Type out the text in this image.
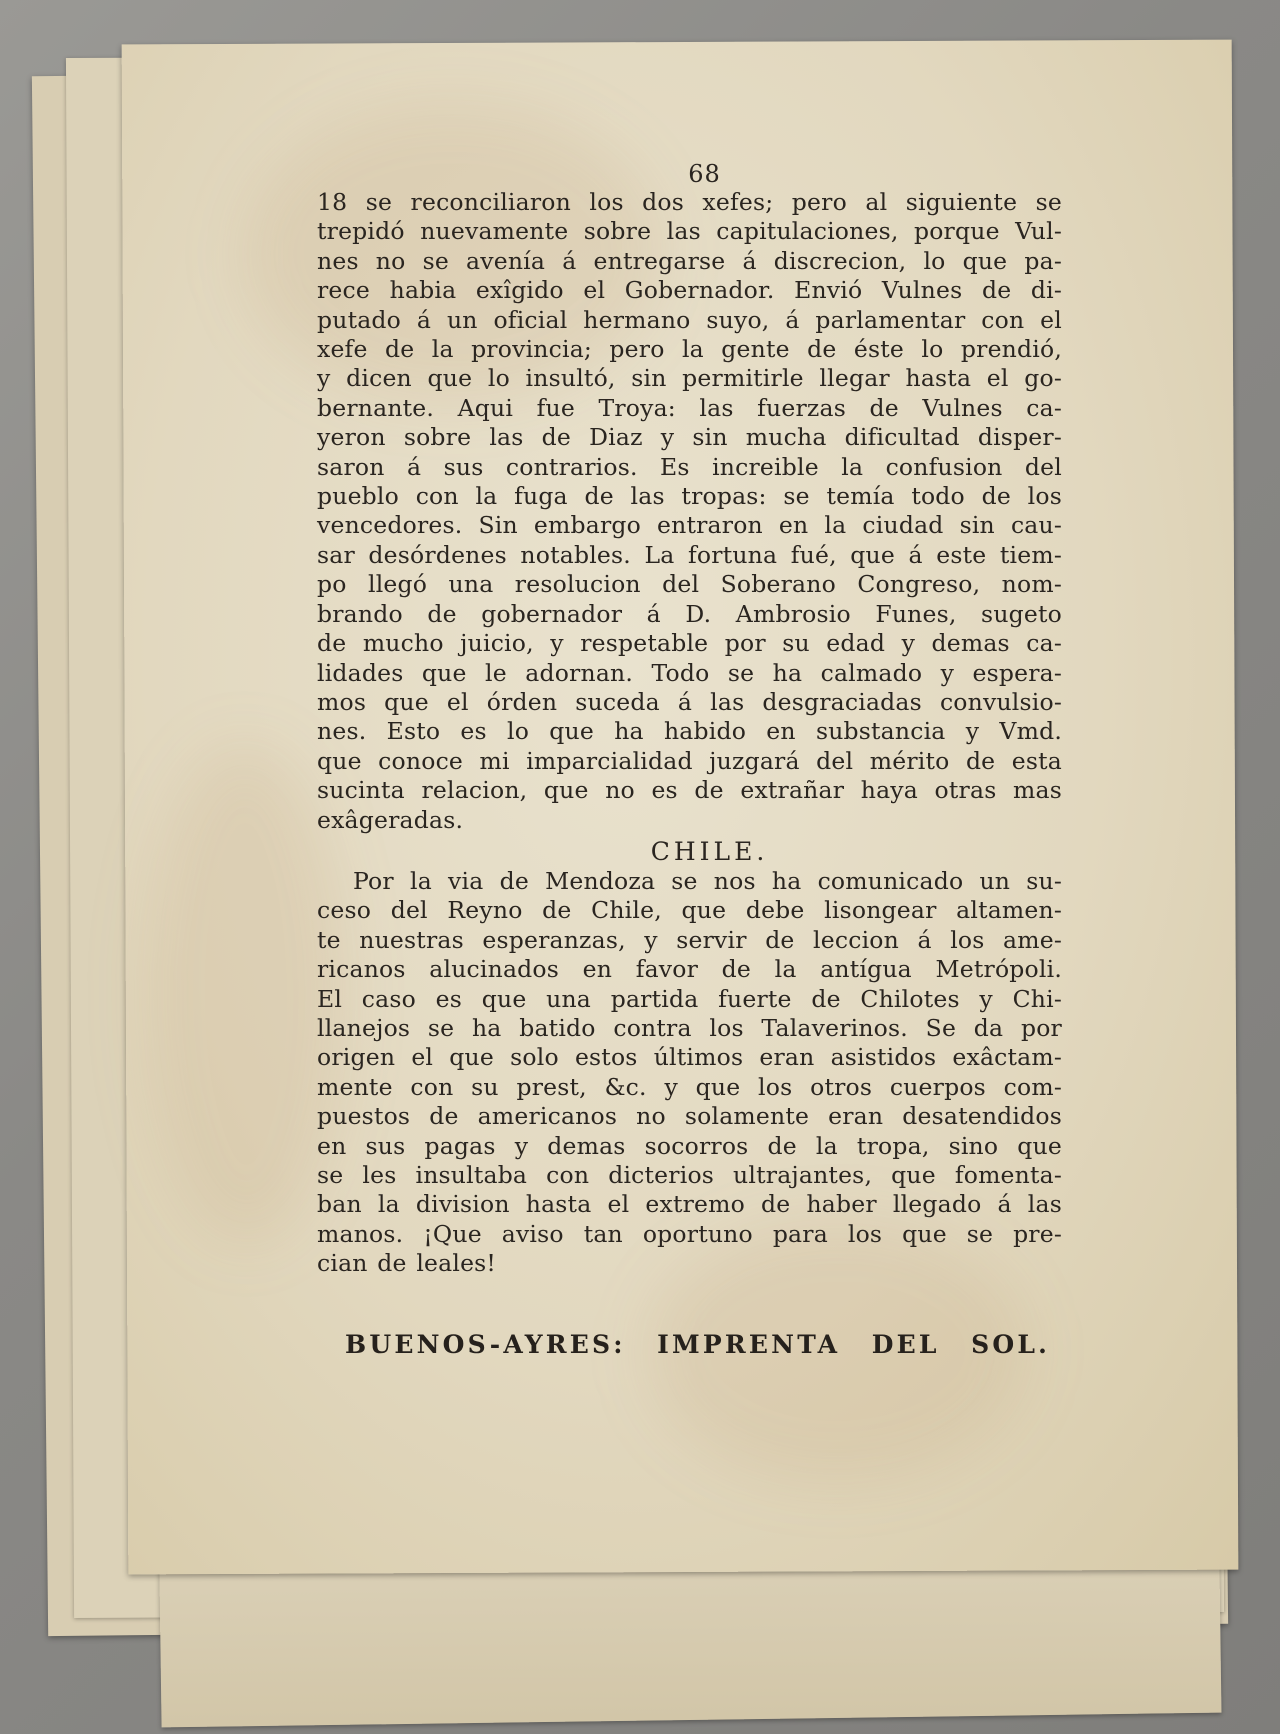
68
18 se reconciliaron los dos xefes; pero al siguiente se
trepidó nuevamente sobre las capitulaciones, porque Vul-
nes no se avenía á entregarse á discrecion, lo que pa-
rece habia exîgido el Gobernador. Envió Vulnes de di-
putado á un oficial hermano suyo, á parlamentar con el
xefe de la provincia; pero la gente de éste lo prendió,
y dicen que lo insultó, sin permitirle llegar hasta el go-
bernante. Aqui fue Troya: las fuerzas de Vulnes ca-
yeron sobre las de Diaz y sin mucha dificultad disper-
saron á sus contrarios. Es increible la confusion del
pueblo con la fuga de las tropas: se temía todo de los
vencedores. Sin embargo entraron en la ciudad sin cau-
sar desórdenes notables. La fortuna fué, que á este tiem-
po llegó una resolucion del Soberano Congreso, nom-
brando de gobernador á D. Ambrosio Funes, sugeto
de mucho juicio, y respetable por su edad y demas ca-
lidades que le adornan. Todo se ha calmado y espera-
mos que el órden suceda á las desgraciadas convulsio-
nes. Esto es lo que ha habido en substancia y Vmd.
que conoce mi imparcialidad juzgará del mérito de esta
sucinta relacion, que no es de extrañar haya otras mas
exâgeradas.
CHILE.
Por la via de Mendoza se nos ha comunicado un su-
ceso del Reyno de Chile, que debe lisongear altamen-
te nuestras esperanzas, y servir de leccion á los ame-
ricanos alucinados en favor de la antígua Metrópoli.
El caso es que una partida fuerte de Chilotes y Chi-
llanejos se ha batido contra los Talaverinos. Se da por
origen el que solo estos últimos eran asistidos exâctam-
mente con su prest, &c. y que los otros cuerpos com-
puestos de americanos no solamente eran desatendidos
en sus pagas y demas socorros de la tropa, sino que
se les insultaba con dicterios ultrajantes, que fomenta-
ban la division hasta el extremo de haber llegado á las
manos. ¡Que aviso tan oportuno para los que se pre-
cian de leales!
BUENOS-AYRES: IMPRENTA DEL SOL.
